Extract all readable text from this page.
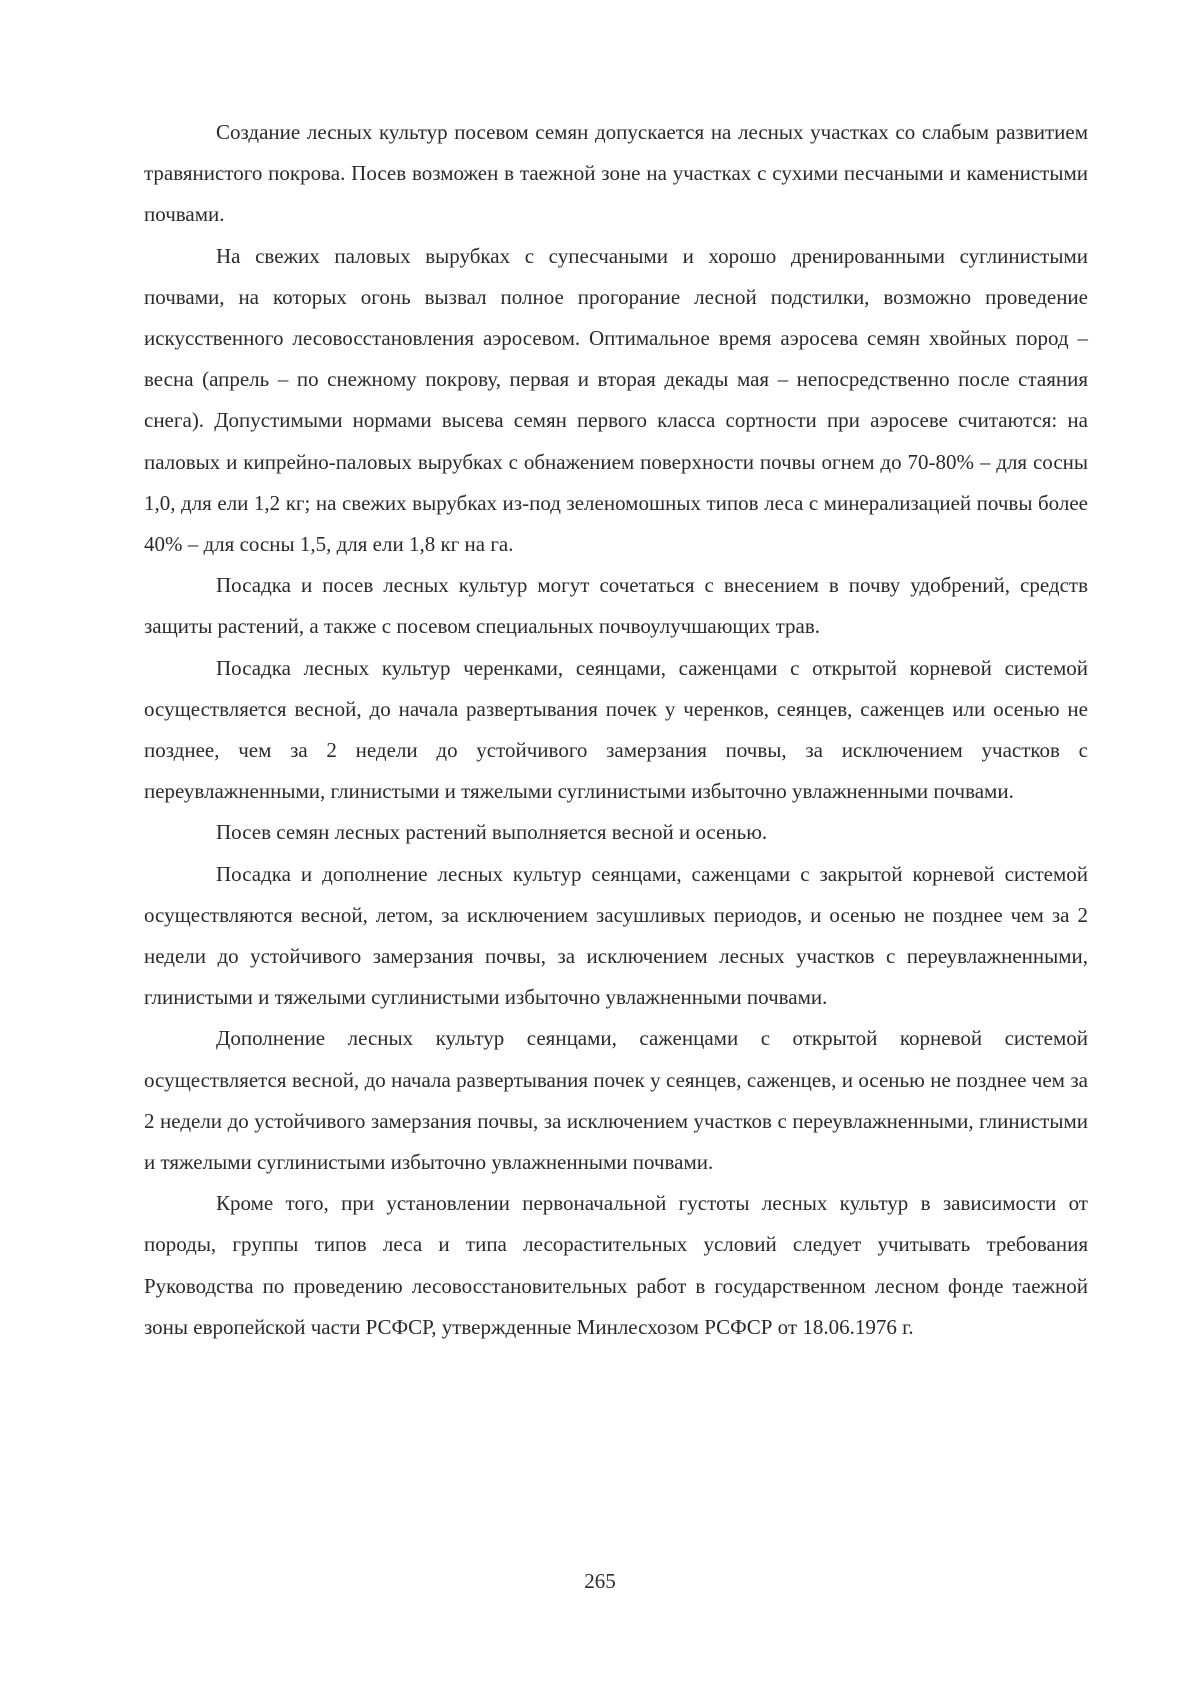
Создание лесных культур посевом семян допускается на лесных участках со слабым развитием травянистого покрова. Посев возможен в таежной зоне на участках с сухими песчаными и каменистыми почвами.

На свежих паловых вырубках с супесчаными и хорошо дренированными суглинистыми почвами, на которых огонь вызвал полное прогорание лесной подстилки, возможно проведение искусственного лесовосстановления аэросевом. Оптимальное время аэросева семян хвойных пород – весна (апрель – по снежному покрову, первая и вторая декады мая – непосредственно после стаяния снега). Допустимыми нормами высева семян первого класса сортности при аэросеве считаются: на паловых и кипрейно-паловых вырубках с обнажением поверхности почвы огнем до 70-80% – для сосны 1,0, для ели 1,2 кг; на свежих вырубках из-под зеленомошных типов леса с минерализацией почвы более 40% – для сосны 1,5, для ели 1,8 кг на га.

Посадка и посев лесных культур могут сочетаться с внесением в почву удобрений, средств защиты растений, а также с посевом специальных почвоулучшающих трав.

Посадка лесных культур черенками, сеянцами, саженцами с открытой корневой системой осуществляется весной, до начала развертывания почек у черенков, сеянцев, саженцев или осенью не позднее, чем за 2 недели до устойчивого замерзания почвы, за исключением участков с переувлажненными, глинистыми и тяжелыми суглинистыми избыточно увлажненными почвами.

Посев семян лесных растений выполняется весной и осенью.

Посадка и дополнение лесных культур сеянцами, саженцами с закрытой корневой системой осуществляются весной, летом, за исключением засушливых периодов, и осенью не позднее чем за 2 недели до устойчивого замерзания почвы, за исключением лесных участков с переувлажненными, глинистыми и тяжелыми суглинистыми избыточно увлажненными почвами.

Дополнение лесных культур сеянцами, саженцами с открытой корневой системой осуществляется весной, до начала развертывания почек у сеянцев, саженцев, и осенью не позднее чем за 2 недели до устойчивого замерзания почвы, за исключением участков с переувлажненными, глинистыми и тяжелыми суглинистыми избыточно увлажненными почвами.

Кроме того, при установлении первоначальной густоты лесных культур в зависимости от породы, группы типов леса и типа лесорастительных условий следует учитывать требования Руководства по проведению лесовосстановительных работ в государственном лесном фонде таежной зоны европейской части РСФСР, утвержденные Минлесхозом РСФСР от 18.06.1976 г.

265
